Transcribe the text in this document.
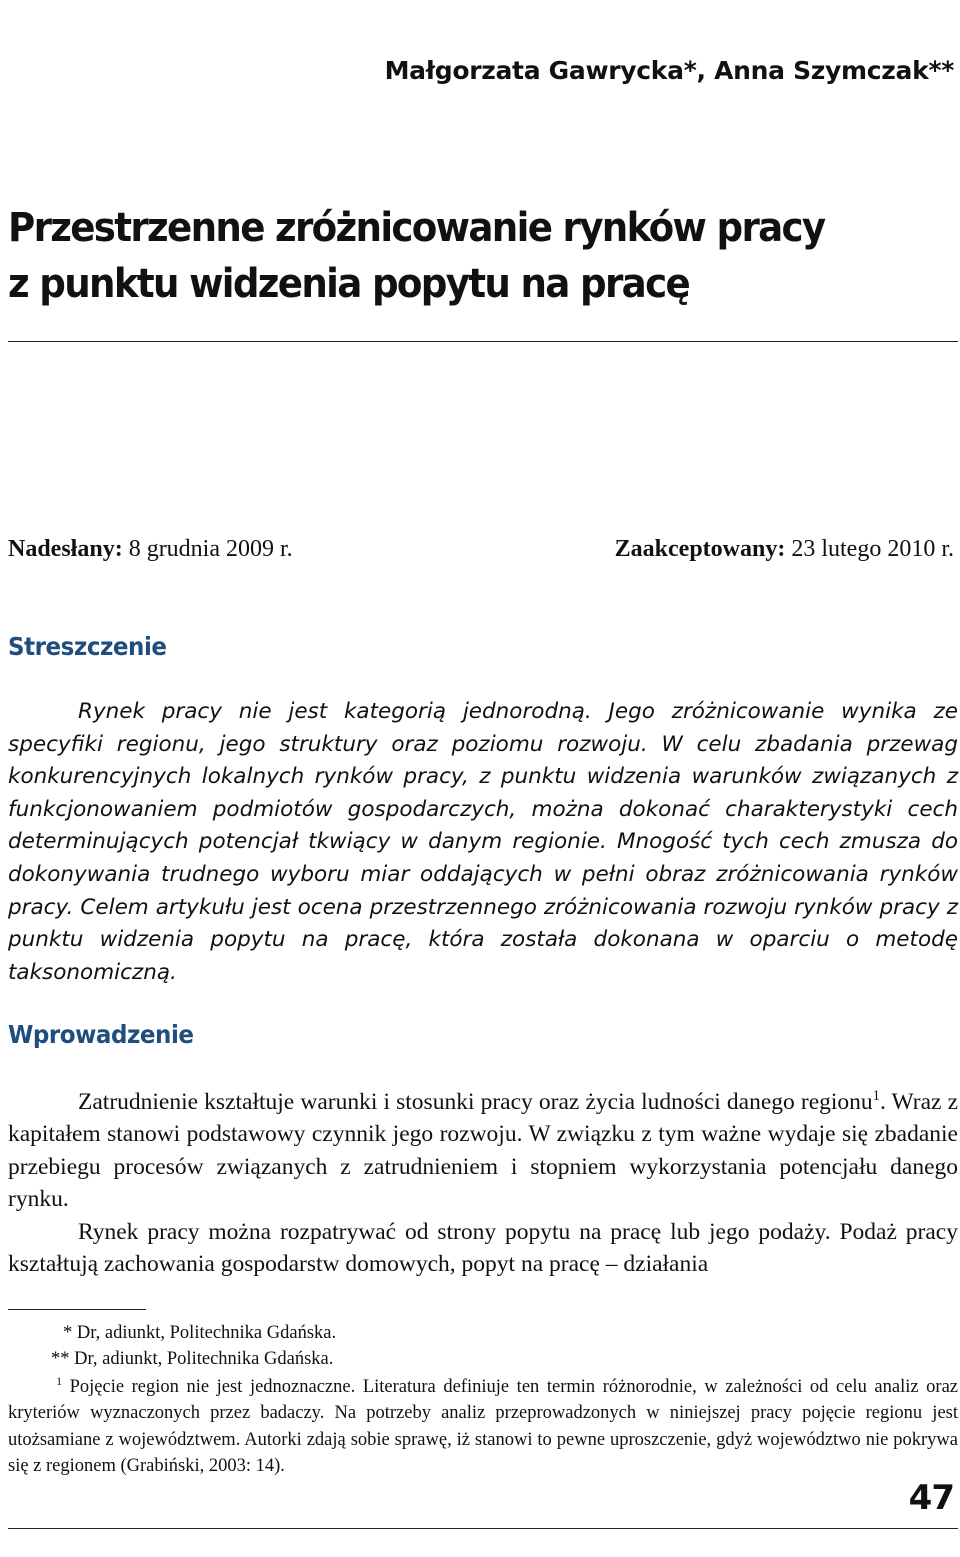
Małgorzata Gawrycka*, Anna Szymczak**
Przestrzenne zróżnicowanie rynków pracy
z punktu widzenia popytu na pracę
Nadesłany: 8 grudnia 2009 r.	Zaakceptowany: 23 lutego 2010 r.
Streszczenie

Rynek pracy nie jest kategorią jednorodną. Jego zróżnicowanie wynika ze specyfiki regionu, jego struktury oraz poziomu rozwoju. W celu zbadania przewag konkurencyjnych lokalnych rynków pracy, z punktu widzenia warunków związanych z funkcjonowaniem podmiotów gospodarczych, można dokonać charakterystyki cech determinujących potencjał tkwiący w danym regionie. Mnogość tych cech zmusza do dokonywania trudnego wyboru miar oddających w pełni obraz zróżnicowania rynków pracy. Celem artykułu jest ocena przestrzennego zróżnicowania rozwoju rynków pracy z punktu widzenia popytu na pracę, która została dokonana w oparciu o metodę taksonomiczną.

Wprowadzenie

Zatrudnienie kształtuje warunki i stosunki pracy oraz życia ludności danego regionu$^1$. Wraz z kapitałem stanowi podstawowy czynnik jego rozwoju. W związku z tym ważne wydaje się zbadanie przebiegu procesów związanych z zatrudnieniem i stopniem wykorzystania potencjału danego rynku.

Rynek pracy można rozpatrywać od strony popytu na pracę lub jego podaży. Podaż pracy kształtują zachowania gospodarstw domowych, popyt na pracę – działania

* Dr, adiunkt, Politechnika Gdańska.

** Dr, adiunkt, Politechnika Gdańska.

$^1$ Pojęcie region nie jest jednoznaczne. Literatura definiuje ten termin różnorodnie, w zależności od celu analiz oraz kryteriów wyznaczonych przez badaczy. Na potrzeby analiz przeprowadzonych w niniejszej pracy pojęcie regionu jest utożsamiane z województwem. Autorki zdają sobie sprawę, iż stanowi to pewne uproszczenie, gdyż województwo nie pokrywa się z regionem (Grabiński, 2003: 14).

47
